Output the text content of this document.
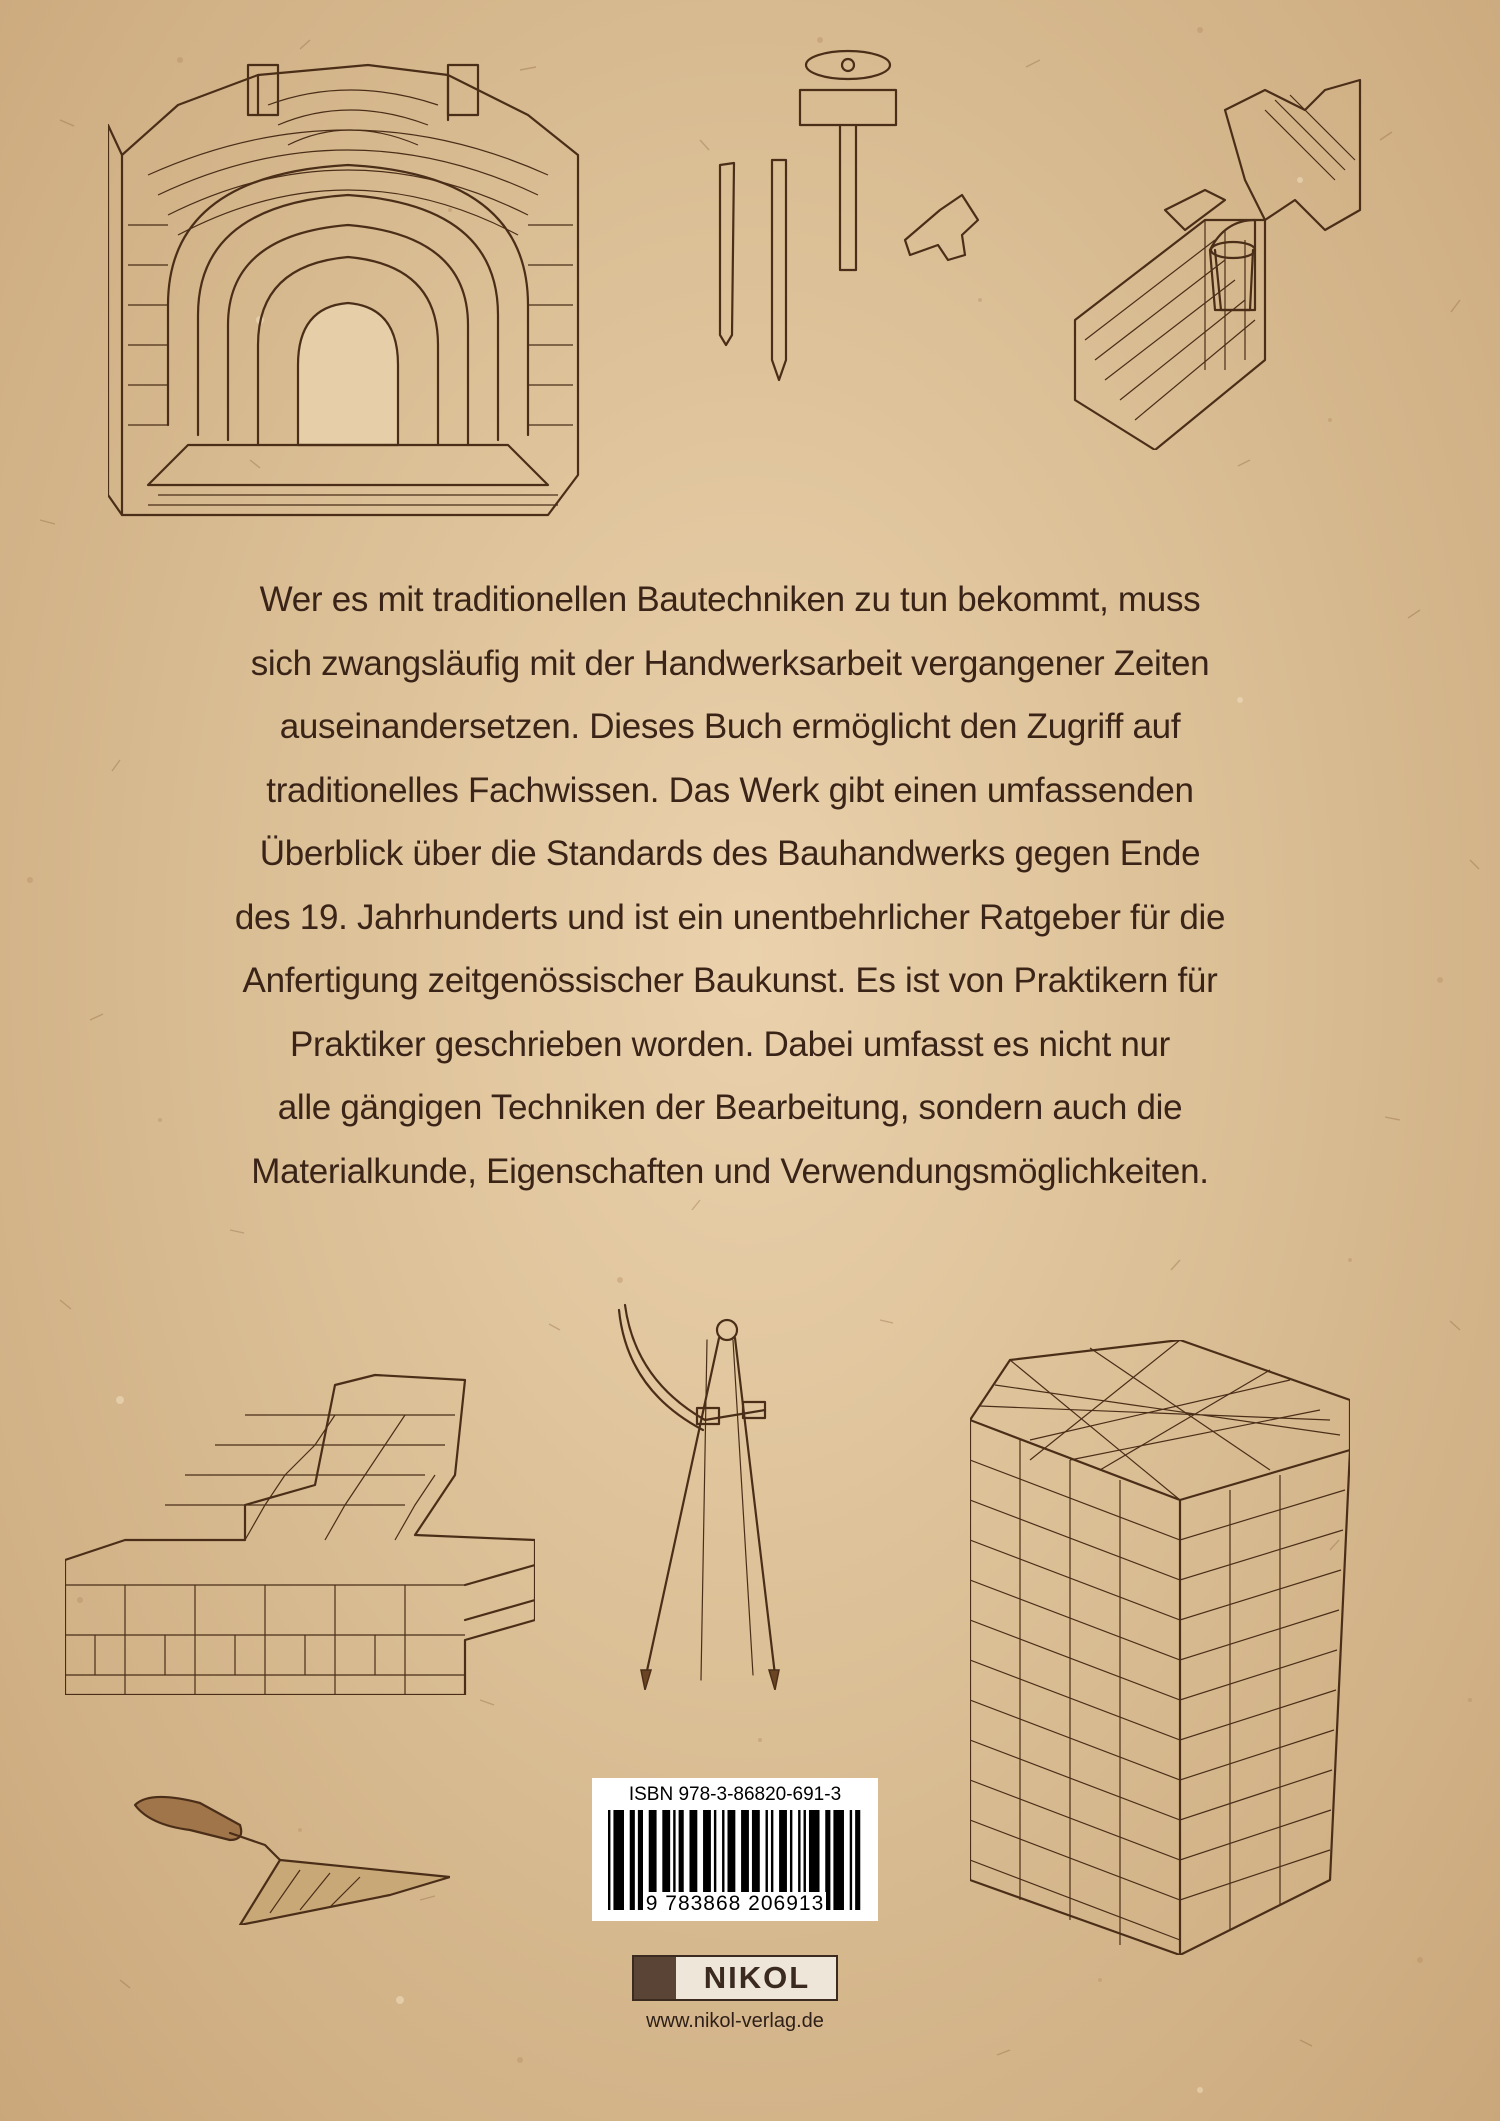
Wer es mit traditionellen Bautechniken zu tun bekommt, muss
sich zwangsläufig mit der Handwerksarbeit vergangener Zeiten
auseinandersetzen. Dieses Buch ermöglicht den Zugriff auf
traditionelles Fachwissen. Das Werk gibt einen umfassenden
Überblick über die Standards des Bauhandwerks gegen Ende
des 19. Jahrhunderts und ist ein unentbehrlicher Ratgeber für die
Anfertigung zeitgenössischer Baukunst. Es ist von Praktikern für
Praktiker geschrieben worden. Dabei umfasst es nicht nur
alle gängigen Techniken der Bearbeitung, sondern auch die
Materialkunde, Eigenschaften und Verwendungsmöglichkeiten.
ISBN 978-3-86820-691-3
9 783868 206913
NIKOL
www.nikol-verlag.de
